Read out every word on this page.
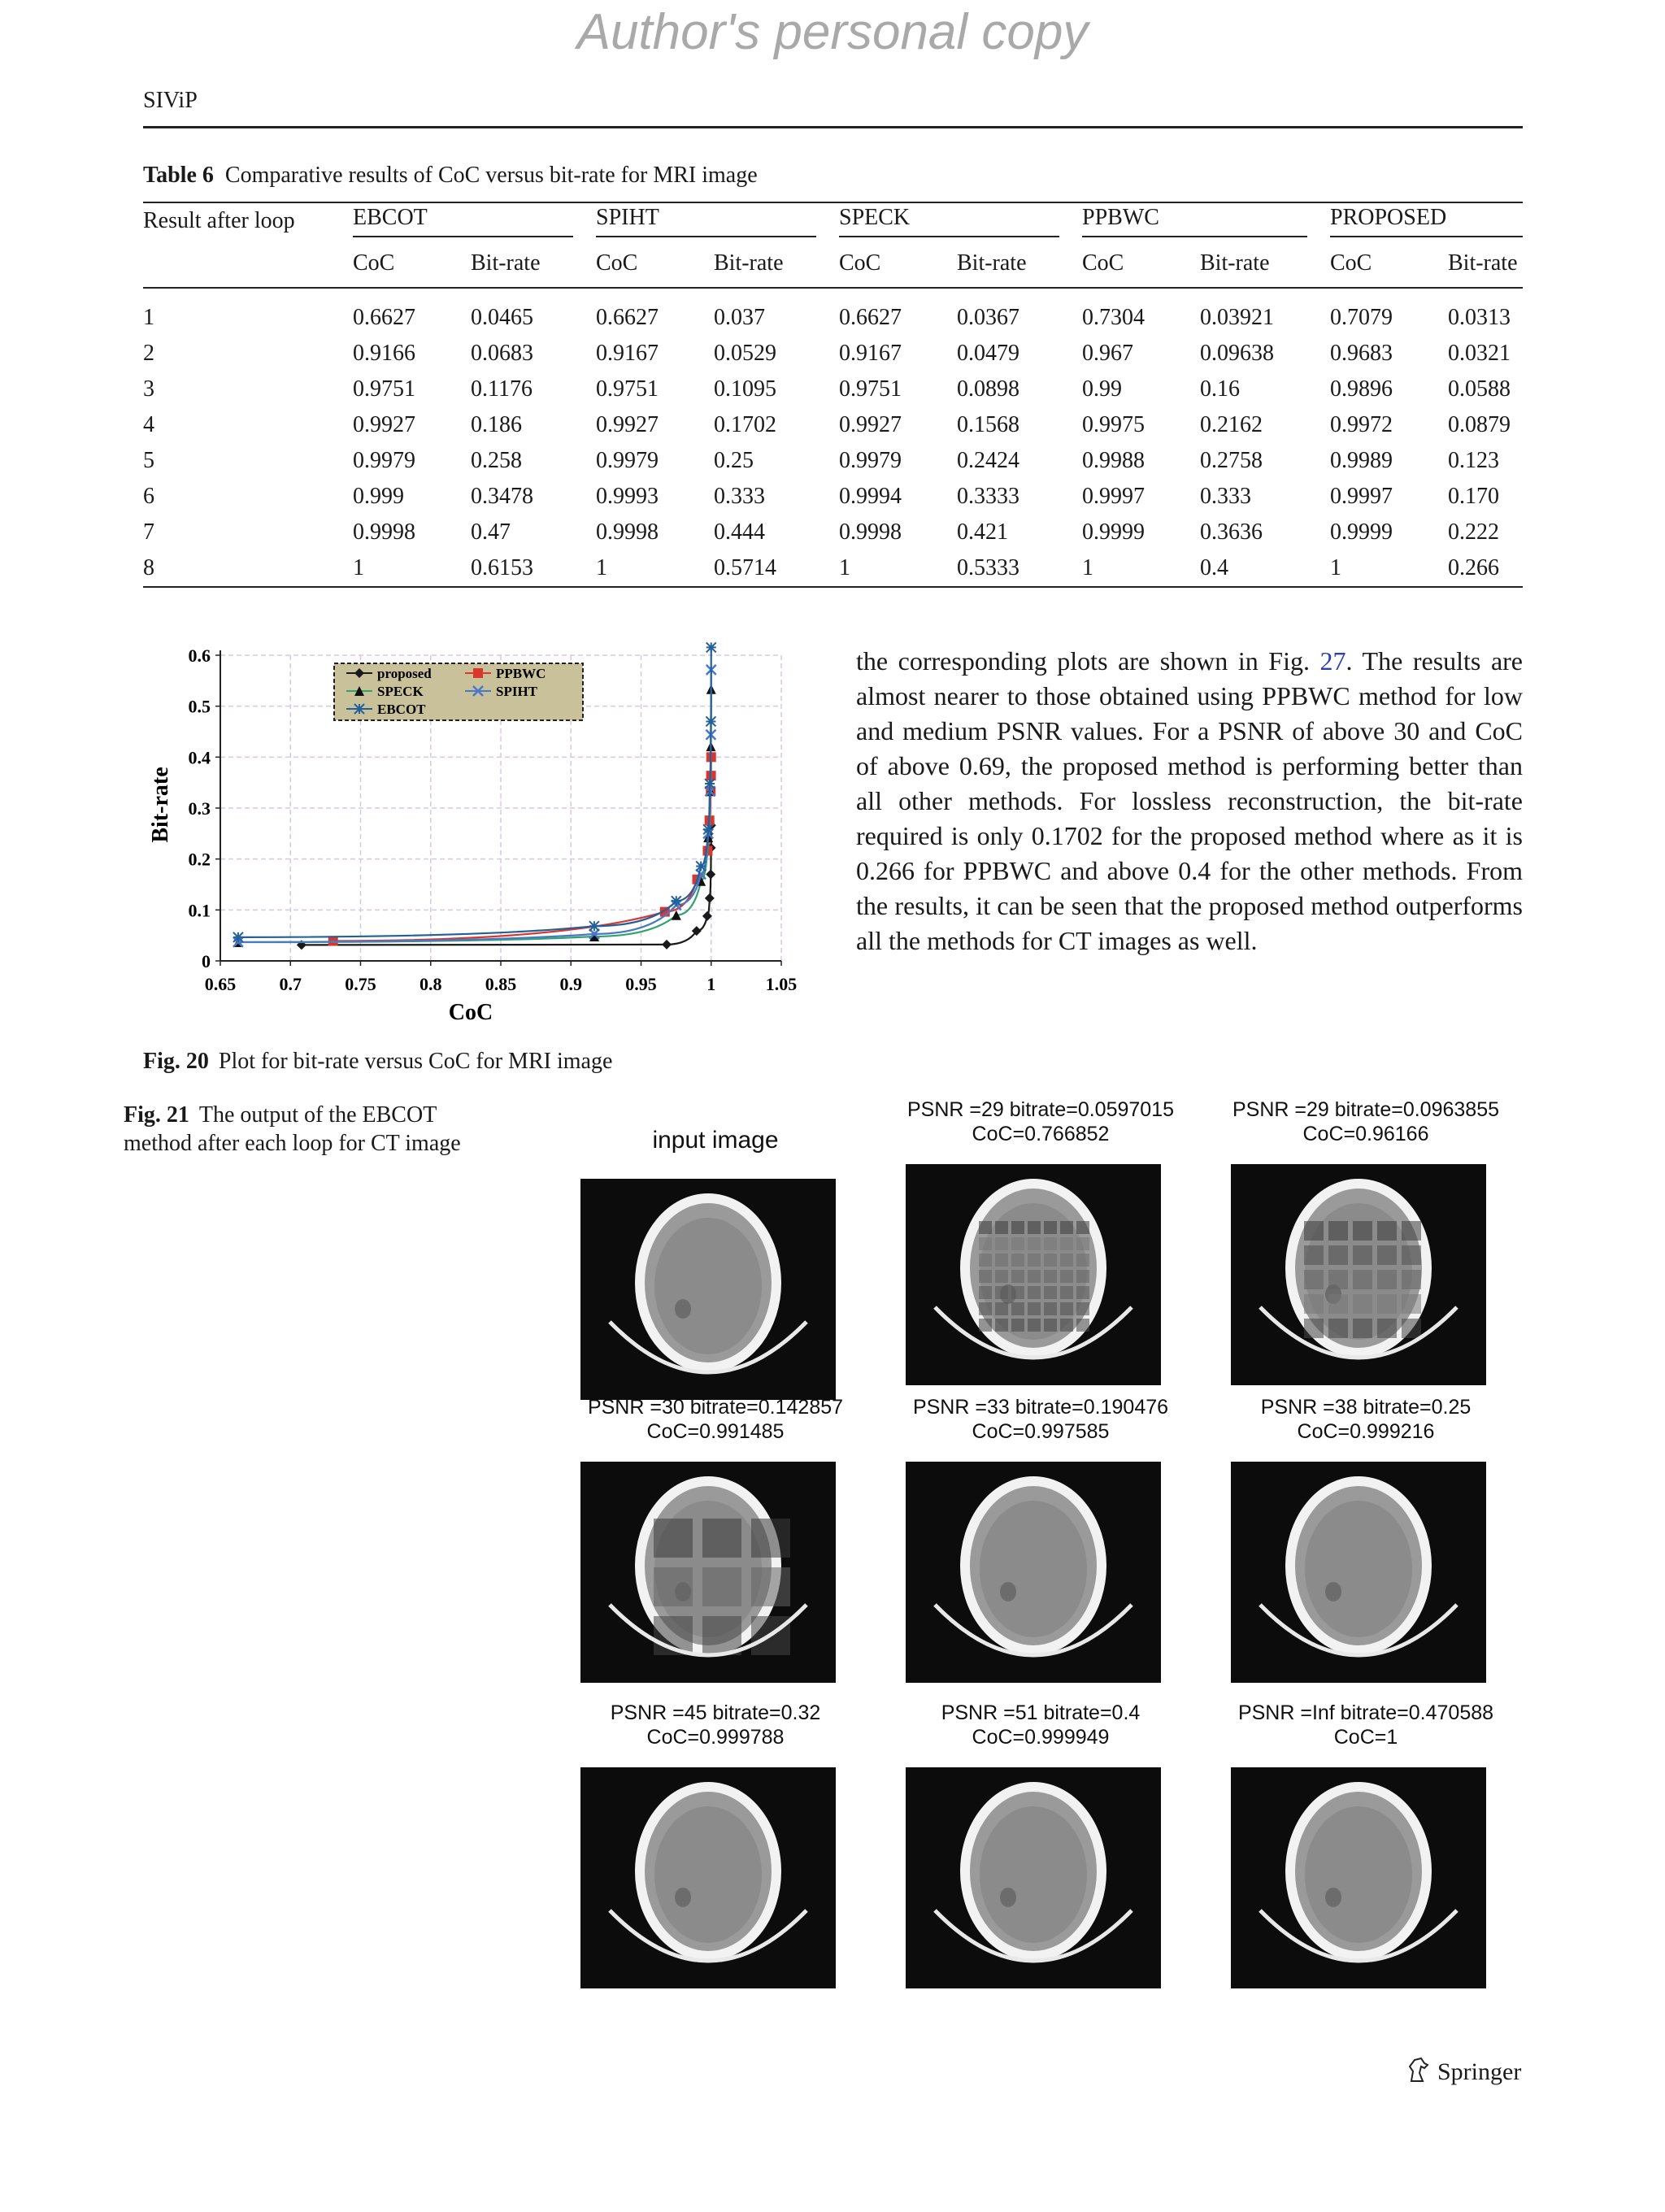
Author's personal copy
SIViP
Table 6 Comparative results of CoC versus bit-rate for MRI image
Result after loop	EBCOT		SPIHT		SPECK		PPBWC		PROPOSED	

	CoC	Bit-rate	CoC	Bit-rate	CoC	Bit-rate	CoC	Bit-rate	CoC	Bit-rate
1	0.6627	0.0465	0.6627	0.037	0.6627	0.0367	0.7304	0.03921	0.7079	0.0313
2	0.9166	0.0683	0.9167	0.0529	0.9167	0.0479	0.967	0.09638	0.9683	0.0321
3	0.9751	0.1176	0.9751	0.1095	0.9751	0.0898	0.99	0.16	0.9896	0.0588
4	0.9927	0.186	0.9927	0.1702	0.9927	0.1568	0.9975	0.2162	0.9972	0.0879
5	0.9979	0.258	0.9979	0.25	0.9979	0.2424	0.9988	0.2758	0.9989	0.123
6	0.999	0.3478	0.9993	0.333	0.9994	0.3333	0.9997	0.333	0.9997	0.170
7	0.9998	0.47	0.9998	0.444	0.9998	0.421	0.9999	0.3636	0.9999	0.222
8	1	0.6153	1	0.5714	1	0.5333	1	0.4	1	0.266
0.65 0.7 0.75 0.8 0.85 0.9 0.95	1	1.05
0
0.1
0.2
0.3
0.4
0.5
0.6
proposed	PPBWC
SPECK	SPIHT
EBCOT
CoC
Bit-rate
Fig. 20 Plot for bit-rate versus CoC for MRI image
the corresponding plots are shown in Fig. 27. The results are almost nearer to those obtained using PPBWC method for low and medium PSNR values. For a PSNR of above 30 and CoC of above 0.69, the proposed method is performing better than all other methods. For lossless reconstruction, the bit-rate required is only 0.1702 for the proposed method where as it is 0.266 for PPBWC and above 0.4 for the other methods. From the results, it can be seen that the proposed method outperforms all the methods for CT images as well.
Fig. 21 The output of the EBCOT method after each loop for CT image	input image
PSNR =29 bitrate=0.0597015
CoC=0.766852
PSNR =29 bitrate=0.0963855
CoC=0.96166
PSNR =30 bitrate=0.142857
CoC=0.991485
PSNR =33 bitrate=0.190476
CoC=0.997585
PSNR =38 bitrate=0.25
CoC=0.999216
PSNR =45 bitrate=0.32
CoC=0.999788
PSNR =51 bitrate=0.4
CoC=0.999949
PSNR =Inf bitrate=0.470588
CoC=1
Springer
